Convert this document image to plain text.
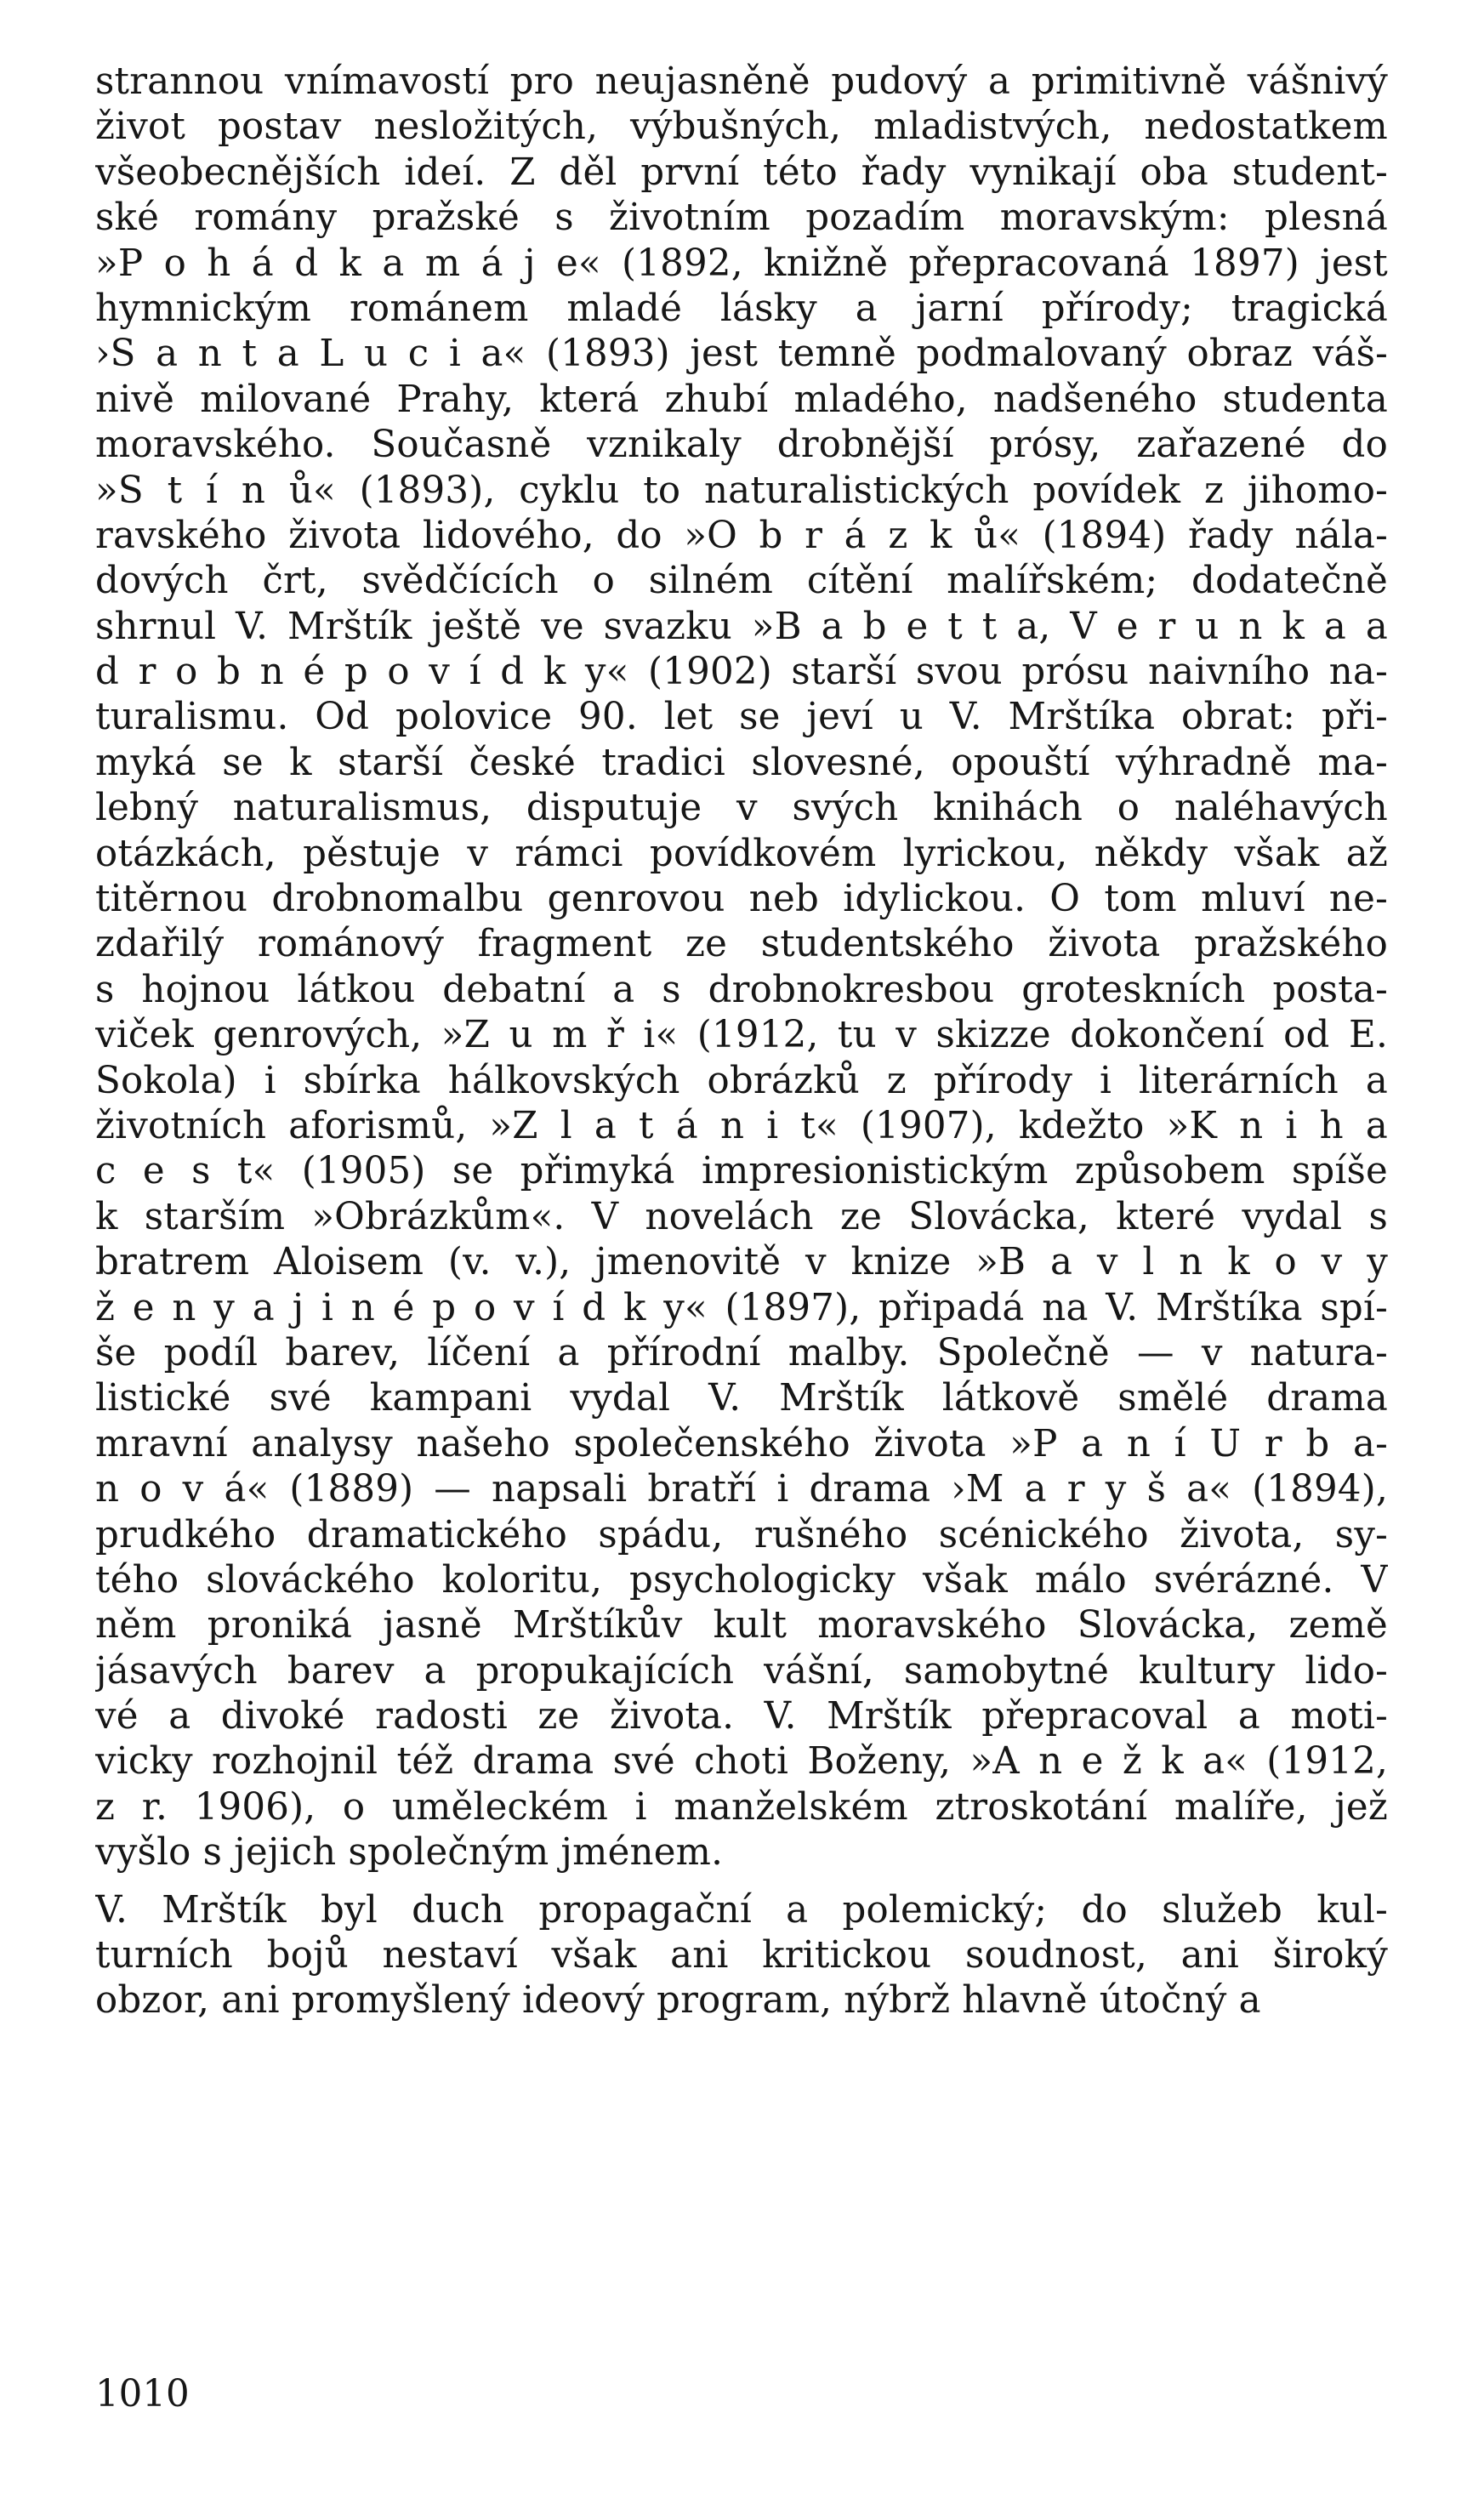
strannou vnímavostí pro neujasněně pudový a primitivně vášnivý
život postav nesložitých, výbušných, mladistvých, nedostatkem
všeobecnějších ideí. Z děl první této řady vynikají oba student-
ské romány pražské s životním pozadím moravským: plesná
»P o h á d k a m á j e« (1892, knižně přepracovaná 1897) jest
hymnickým románem mladé lásky a jarní přírody; tragická
›S a n t a L u c i a« (1893) jest temně podmalovaný obraz váš-
nivě milované Prahy, která zhubí mladého, nadšeného studenta
moravského. Současně vznikaly drobnější prósy, zařazené do
»S t í n ů« (1893), cyklu to naturalistických povídek z jihomo-
ravského života lidového, do »O b r á z k ů« (1894) řady nála-
dových črt, svědčících o silném cítění malířském; dodatečně
shrnul V. Mrštík ještě ve svazku »B a b e t t a, V e r u n k a a
d r o b n é p o v í d k y« (1902) starší svou prósu naivního na-
turalismu. Od polovice 90. let se jeví u V. Mrštíka obrat: při-
myká se k starší české tradici slovesné, opouští výhradně ma-
lebný naturalismus, disputuje v svých knihách o naléhavých
otázkách, pěstuje v rámci povídkovém lyrickou, někdy však až
titěrnou drobnomalbu genrovou neb idylickou. O tom mluví ne-
zdařilý románový fragment ze studentského života pražského
s hojnou látkou debatní a s drobnokresbou groteskních posta-
viček genrových, »Z u m ř i« (1912, tu v skizze dokončení od E.
Sokola) i sbírka hálkovských obrázků z přírody i literárních a
životních aforismů, »Z l a t á n i t« (1907), kdežto »K n i h a
c e s t« (1905) se přimyká impresionistickým způsobem spíše
k starším »Obrázkům«. V novelách ze Slovácka, které vydal s
bratrem Aloisem (v. v.), jmenovitě v knize »B a v l n k o v y
ž e n y a j i n é p o v í d k y« (1897), připadá na V. Mrštíka spí-
še podíl barev, líčení a přírodní malby. Společně — v natura-
listické své kampani vydal V. Mrštík látkově smělé drama
mravní analysy našeho společenského života »P a n í U r b a-
n o v á« (1889) — napsali bratří i drama ›M a r y š a« (1894),
prudkého dramatického spádu, rušného scénického života, sy-
tého slováckého koloritu, psychologicky však málo svérázné. V
něm proniká jasně Mrštíkův kult moravského Slovácka, země
jásavých barev a propukajících vášní, samobytné kultury lido-
vé a divoké radosti ze života. V. Mrštík přepracoval a moti-
vicky rozhojnil též drama své choti Boženy, »A n e ž k a« (1912,
z r. 1906), o uměleckém i manželském ztroskotání malíře, jež
vyšlo s jejich společným jménem.
V. Mrštík byl duch propagační a polemický; do služeb kul-
turních bojů nestaví však ani kritickou soudnost, ani široký
obzor, ani promyšlený ideový program, nýbrž hlavně útočný a
1010
